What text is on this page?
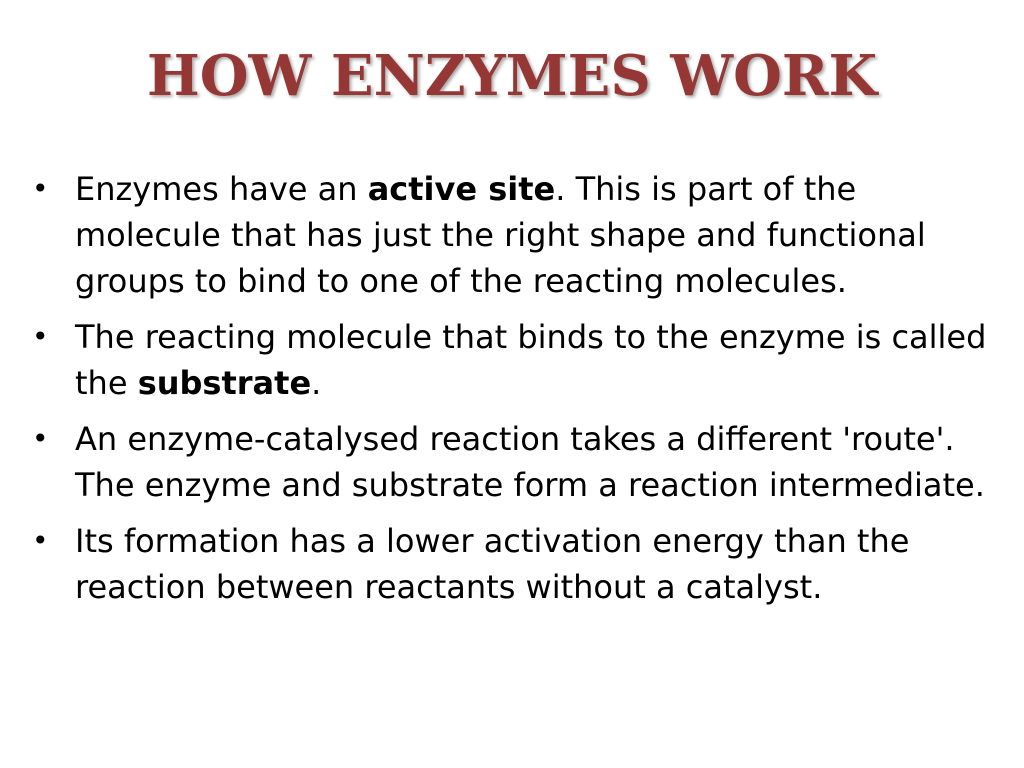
HOW ENZYMES WORK
• Enzymes have an active site. This is part of the molecule that has just the right shape and functional groups to bind to one of the reacting molecules.
• The reacting molecule that binds to the enzyme is called the substrate.
• An enzyme-catalysed reaction takes a different 'route'. The enzyme and substrate form a reaction intermediate.
• Its formation has a lower activation energy than the reaction between reactants without a catalyst.
